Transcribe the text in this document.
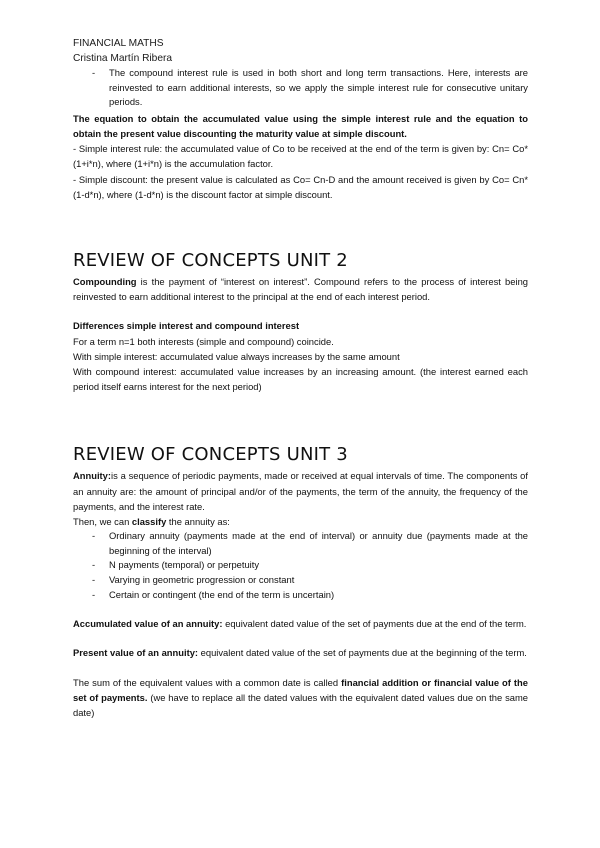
FINANCIAL MATHS
Cristina Martín Ribera
- The compound interest rule is used in both short and long term transactions. Here, interests are reinvested to earn additional interests, so we apply the simple interest rule for consecutive unitary periods.

The equation to obtain the accumulated value using the simple interest rule and the equation to obtain the present value discounting the maturity value at simple discount.

- Simple interest rule: the accumulated value of Co to be received at the end of the term is given by: Cn= Co*(1+i*n), where (1+i*n) is the accumulation factor.

- Simple discount: the present value is calculated as Co= Cn-D and the amount received is given by Co= Cn* (1-d*n), where (1-d*n) is the discount factor at simple discount.

REVIEW OF CONCEPTS UNIT 2

Compounding is the payment of “interest on interest”. Compound refers to the process of interest being reinvested to earn additional interest to the principal at the end of each interest period.

Differences simple interest and compound interest

For a term n=1 both interests (simple and compound) coincide.

With simple interest: accumulated value always increases by the same amount

With compound interest: accumulated value increases by an increasing amount. (the interest earned each period itself earns interest for the next period)

REVIEW OF CONCEPTS UNIT 3

Annuity:is a sequence of periodic payments, made or received at equal intervals of time. The components of an annuity are: the amount of principal and/or of the payments, the term of the annuity, the frequency of the payments, and the interest rate.

Then, we can classify the annuity as:

- Ordinary annuity (payments made at the end of interval) or annuity due (payments made at the beginning of the interval)
- N payments (temporal) or perpetuity
- Varying in geometric progression or constant
- Certain or contingent (the end of the term is uncertain)

Accumulated value of an annuity: equivalent dated value of the set of payments due at the end of the term.

Present value of an annuity: equivalent dated value of the set of payments due at the beginning of the term.

The sum of the equivalent values with a common date is called financial addition or financial value of the set of payments. (we have to replace all the dated values with the equivalent dated values due on the same date)
